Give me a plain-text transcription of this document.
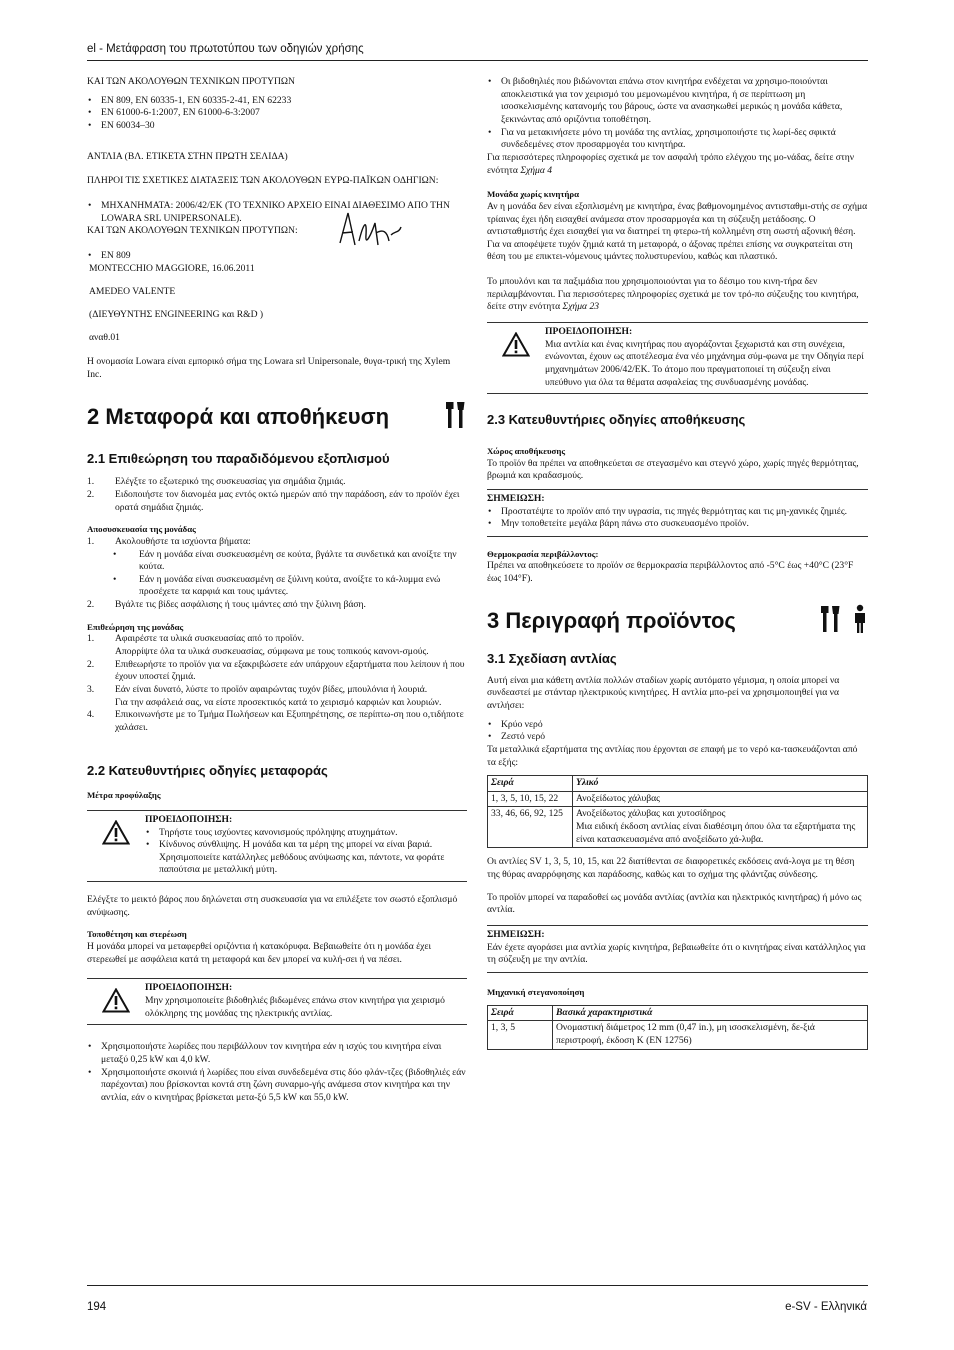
el - Μετάφραση του πρωτοτύπου των οδηγιών χρήσης

ΚΑΙ ΤΩΝ ΑΚΟΛΟΥΘΩΝ ΤΕΧΝΙΚΩΝ ΠΡΟΤΥΠΩΝ

• EN 809, EN 60335-1, EN 60335-2-41, EN 62233
• EN 61000-6-1:2007, EN 61000-6-3:2007
• EN 60034–30

ΑΝΤΛΙΑ (ΒΛ. ΕΤΙΚΕΤΑ ΣΤΗΝ ΠΡΩΤΗ ΣΕΛΙΔΑ)

ΠΛΗΡΟΙ ΤΙΣ ΣΧΕΤΙΚΕΣ ΔΙΑΤΑΞΕΙΣ ΤΩΝ ΑΚΟΛΟΥΘΩΝ ΕΥΡΩ-ΠΑΪΚΩΝ ΟΔΗΓΙΩΝ:

• ΜΗΧΑΝΗΜΑΤΑ: 2006/42/ΕΚ (ΤΟ ΤΕΧΝΙΚΟ ΑΡΧΕΙΟ ΕΙΝΑΙ ΔΙΑΘΕΣΙΜΟ ΑΠΟ ΤΗΝ LOWARA SRL UNIPERSONALE).

ΚΑΙ ΤΩΝ ΑΚΟΛΟΥΘΩΝ ΤΕΧΝΙΚΩΝ ΠΡΟΤΥΠΩΝ:

• EN 809

MONTECCHIO MAGGIORE, 16.06.2011

AMEDEO VALENTE

(ΔΙΕΥΘΥΝΤΗΣ ENGINEERING και R&D )

αναθ.01

Η ονομασία Lowara είναι εμπορικό σήμα της Lowara srl Unipersonale, θυγα-τρική της Xylem Inc.

2 Μεταφορά και αποθήκευση
2.1 Επιθεώρηση του παραδιδόμενου εξοπλισμού
1. Ελέγξτε το εξωτερικό της συσκευασίας για σημάδια ζημιάς.
2. Ειδοποιήστε τον διανομέα μας εντός οκτώ ημερών από την παράδοση, εάν το προϊόν έχει ορατά σημάδια ζημιάς.

Αποσυσκευασία της μονάδας

1. Ακολουθήστε τα ισχύοντα βήματα:
• Εάν η μονάδα είναι συσκευασμένη σε κούτα, βγάλτε τα συνδετικά και ανοίξτε την κούτα.
• Εάν η μονάδα είναι συσκευασμένη σε ξύλινη κούτα, ανοίξτε το κά-λυμμα ενώ προσέχετε τα καρφιά και τους ιμάντες.
2. Βγάλτε τις βίδες ασφάλισης ή τους ιμάντες από την ξύλινη βάση.

Επιθεώρηση της μονάδας

1. Αφαιρέστε τα υλικά συσκευασίας από το προϊόν.
Απορρίψτε όλα τα υλικά συσκευασίας, σύμφωνα με τους τοπικούς κανονι-σμούς.
2. Επιθεωρήστε το προϊόν για να εξακριβώσετε εάν υπάρχουν εξαρτήματα που λείπουν ή που έχουν υποστεί ζημιά.
3. Εάν είναι δυνατό, λύστε το προϊόν αφαιρώντας τυχόν βίδες, μπουλόνια ή λουριά.
Για την ασφάλειά σας, να είστε προσεκτικός κατά το χειρισμό καρφιών και λουριών.
4. Επικοινωνήστε με το Τμήμα Πωλήσεων και Εξυπηρέτησης, σε περίπτω-ση που ο,τιδήποτε χαλάσει.
2.2 Κατευθυντήριες οδηγίες μεταφοράς

Μέτρα προφύλαξης

ΠΡΟΕΙΔΟΠΟΙΗΣΗ:
• Τηρήστε τους ισχύοντες κανονισμούς πρόληψης ατυχημάτων.
• Κίνδυνος σύνθλιψης. Η μονάδα και τα μέρη της μπορεί να είναι βαριά. Χρησιμοποιείτε κατάλληλες μεθόδους ανύψωσης και, πάντοτε, να φοράτε παπούτσια με μεταλλική μύτη.

Ελέγξτε το μεικτό βάρος που δηλώνεται στη συσκευασία για να επιλέξετε τον σωστό εξοπλισμό ανύψωσης.

Τοποθέτηση και στερέωση

Η μονάδα μπορεί να μεταφερθεί οριζόντια ή κατακόρυφα. Βεβαιωθείτε ότι η μονάδα έχει στερεωθεί με ασφάλεια κατά τη μεταφορά και δεν μπορεί να κυλή-σει ή να πέσει.

ΠΡΟΕΙΔΟΠΟΙΗΣΗ:
Μην χρησιμοποιείτε βιδοθηλιές βιδωμένες επάνω στον κινητήρα για χειρισμό ολόκληρης της μονάδας της ηλεκτρικής αντλίας.
• Χρησιμοποιήστε λωρίδες που περιβάλλουν τον κινητήρα εάν η ισχύς του κινητήρα είναι μεταξύ 0,25 kW και 4,0 kW.
• Χρησιμοποιήστε σκοινιά ή λωρίδες που είναι συνδεδεμένα στις δύο φλάν-τζες (βιδοθηλιές εάν παρέχονται) που βρίσκονται κοντά στη ζώνη συναρμο-γής ανάμεσα στον κινητήρα και την αντλία, εάν ο κινητήρας βρίσκεται μετα-ξύ 5,5 kW και 55,0 kW.
• Οι βιδοθηλιές που βιδώνονται επάνω στον κινητήρα ενδέχεται να χρησιμο-ποιούνται αποκλειστικά για τον χειρισμό του μεμονωμένου κινητήρα, ή σε περίπτωση μη ισοσκελισμένης κατανομής του βάρους, ώστε να ανασηκωθεί μερικώς η μονάδα κάθετα, ξεκινώντας από οριζόντια τοποθέτηση.
• Για να μετακινήσετε μόνο τη μονάδα της αντλίας, χρησιμοποιήστε τις λωρί-δες σφικτά συνδεδεμένες στον προσαρμογέα του κινητήρα.

Για περισσότερες πληροφορίες σχετικά με τον ασφαλή τρόπο ελέγχου της μο-νάδας, δείτε στην ενότητα Σχήμα 4

Μονάδα χωρίς κινητήρα

Αν η μονάδα δεν είναι εξοπλισμένη με κινητήρα, ένας βαθμονομημένος αντισταθμι-στής σε σχήμα τρίαινας έχει ήδη εισαχθεί ανάμεσα στον προσαρμογέα και τη σύζευξη μετάδοσης. Ο αντισταθμιστής έχει εισαχθεί για να διατηρεί τη φτερω-τή κολλημένη στη σωστή αξονική θέση. Για να αποφέψετε τυχόν ζημιά κατά τη μεταφορά, ο άξονας πρέπει επίσης να συγκρατείται στη θέση του με επικτει-νόμενους ιμάντες πολυστυρενίου, καθώς και πλαστικό.

Το μπουλόνι και τα παξιμάδια που χρησιμοποιούνται για το δέσιμο του κινη-τήρα δεν περιλαμβάνονται. Για περισσότερες πληροφορίες σχετικά με τον τρό-πο σύζευξης του κινητήρα, δείτε στην ενότητα Σχήμα 23

ΠΡΟΕΙΔΟΠΟΙΗΣΗ:
Μια αντλία και ένας κινητήρας που αγοράζονται ξεχωριστά και στη συνέχεια, ενώνονται, έχουν ως αποτέλεσμα ένα νέο μηχάνημα σύμ-φωνα με την Οδηγία περί μηχανημάτων 2006/42/ΕΚ. Το άτομο που πραγματοποιεί τη σύζευξη είναι υπεύθυνο για όλα τα θέματα ασφαλείας της συνδυασμένης μονάδας.
2.3 Κατευθυντήριες οδηγίες αποθήκευσης

Χώρος αποθήκευσης

Το προϊόν θα πρέπει να αποθηκεύεται σε στεγασμένο και στεγνό χώρο, χωρίς πηγές θερμότητας, βρωμιά και κραδασμούς.

ΣΗΜΕΙΩΣΗ:
• Προστατέψτε το προϊόν από την υγρασία, τις πηγές θερμότητας και τις μη-χανικές ζημιές.
• Μην τοποθετείτε μεγάλα βάρη πάνω στο συσκευασμένο προϊόν.

Θερμοκρασία περιβάλλοντος:

Πρέπει να αποθηκεύσετε το προϊόν σε θερμοκρασία περιβάλλοντος από -5°C έως +40°C (23°F έως 104°F).

3 Περιγραφή προϊόντος
3.1 Σχεδίαση αντλίας

Αυτή είναι μια κάθετη αντλία πολλών σταδίων χωρίς αυτόματο γέμισμα, η οποία μπορεί να συνδεαστεί με στάνταρ ηλεκτρικούς κινητήρες. Η αντλία μπο-ρεί να χρησιμοποιηθεί για να αντλήσει:

• Κρύο νερό
• Ζεστό νερό

Τα μεταλλικά εξαρτήματα της αντλίας που έρχονται σε επαφή με το νερό κα-τασκευάζονται από τα εξής:

Σειρά	Υλικό
1, 3, 5, 10, 15, 22	Ανοξείδωτος χάλυβας
33, 46, 66, 92, 125	Ανοξείδωτος χάλυβας και χυτοσίδηρος
Μια ειδική έκδοση αντλίας είναι διαθέσιμη όπου όλα τα εξαρτήματα της είναι κατασκευασμένα από ανοξείδωτο χά-λυβα.

Οι αντλίες SV 1, 3, 5, 10, 15, και 22 διατίθενται σε διαφορετικές εκδόσεις ανά-λογα με τη θέση της θύρας αναρρόφησης και παράδοσης, καθώς και το σχήμα της φλάντζας σύνδεσης.

Το προϊόν μπορεί να παραδοθεί ως μονάδα αντλίας (αντλία και ηλεκτρικός κινητήρας) ή μόνο ως αντλία.

ΣΗΜΕΙΩΣΗ:
Εάν έχετε αγοράσει μια αντλία χωρίς κινητήρα, βεβαιωθείτε ότι ο κινητήρας είναι κατάλληλος για τη σύζευξη με την αντλία.

Μηχανική στεγανοποίηση

Σειρά	Βασικά χαρακτηριστικά
1, 3, 5	Ονομαστική διάμετρος 12 mm (0,47 in.), μη ισοσκελισμένη, δε-ξιά περιστροφή, έκδοση K (EN 12756)
194	e-SV - Ελληνικά
